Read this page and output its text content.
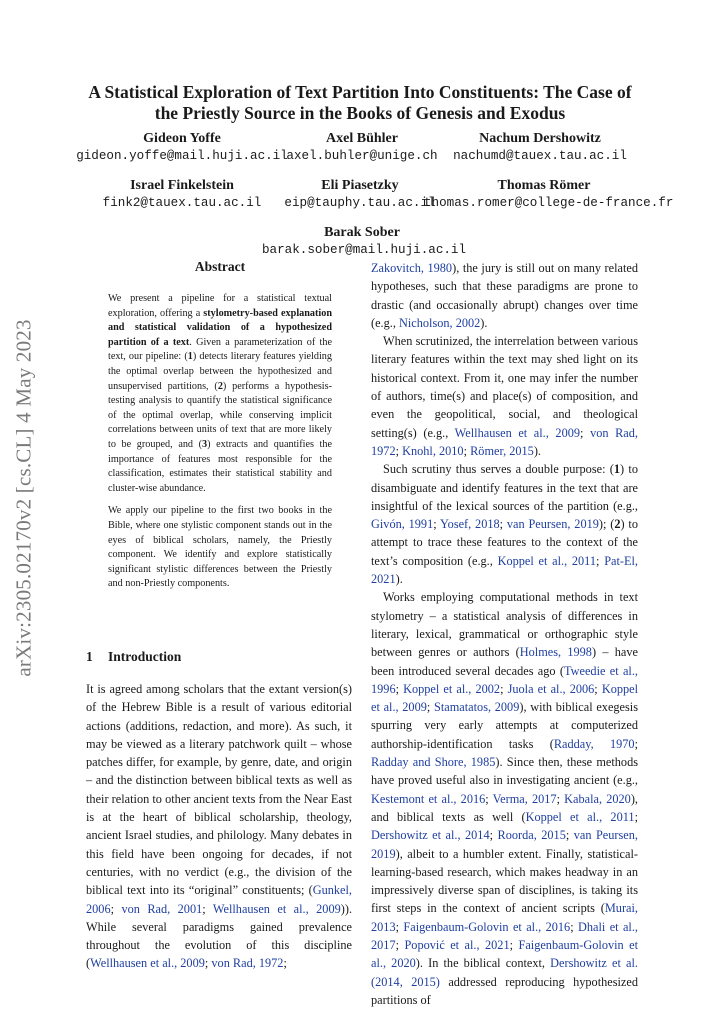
arXiv:2305.02170v2 [cs.CL] 4 May 2023
A Statistical Exploration of Text Partition Into Constituents: The Case of
the Priestly Source in the Books of Genesis and Exodus
Gideon Yoffe
gideon.yoffe@mail.huji.ac.il
Axel Bühler
axel.buhler@unige.ch
Nachum Dershowitz
nachumd@tauex.tau.ac.il
Israel Finkelstein
fink2@tauex.tau.ac.il
Eli Piasetzky
eip@tauphy.tau.ac.il
Thomas Römer
thomas.romer@college-de-france.fr
Barak Sober
barak.sober@mail.huji.ac.il
Abstract

We present a pipeline for a statistical textual exploration, offering a stylometry-based explanation and statistical validation of a hypothesized partition of a text. Given a parameterization of the text, our pipeline: (1) detects literary features yielding the optimal overlap between the hypothesized and unsupervised partitions, (2) performs a hypothesis-testing analysis to quantify the statistical significance of the optimal overlap, while conserving implicit correlations between units of text that are more likely to be grouped, and (3) extracts and quantifies the importance of features most responsible for the classification, estimates their statistical stability and cluster-wise abundance.

We apply our pipeline to the first two books in the Bible, where one stylistic component stands out in the eyes of biblical scholars, namely, the Priestly component. We identify and explore statistically significant stylistic differences between the Priestly and non-Priestly components.

1 Introduction

It is agreed among scholars that the extant version(s) of the Hebrew Bible is a result of various editorial actions (additions, redaction, and more). As such, it may be viewed as a literary patchwork quilt – whose patches differ, for example, by genre, date, and origin – and the distinction between biblical texts as well as their relation to other ancient texts from the Near East is at the heart of biblical scholarship, theology, ancient Israel studies, and philology. Many debates in this field have been ongoing for decades, if not centuries, with no verdict (e.g., the division of the biblical text into its “original” constituents; (Gunkel, 2006; von Rad, 2001; Wellhausen et al., 2009)). While several paradigms gained prevalence throughout the evolution of this discipline (Wellhausen et al., 2009; von Rad, 1972;

Zakovitch, 1980), the jury is still out on many related hypotheses, such that these paradigms are prone to drastic (and occasionally abrupt) changes over time (e.g., Nicholson, 2002).

When scrutinized, the interrelation between various literary features within the text may shed light on its historical context. From it, one may infer the number of authors, time(s) and place(s) of composition, and even the geopolitical, social, and theological setting(s) (e.g., Wellhausen et al., 2009; von Rad, 1972; Knohl, 2010; Römer, 2015).

Such scrutiny thus serves a double purpose: (1) to disambiguate and identify features in the text that are insightful of the lexical sources of the partition (e.g., Givón, 1991; Yosef, 2018; van Peursen, 2019); (2) to attempt to trace these features to the context of the text’s composition (e.g., Koppel et al., 2011; Pat-El, 2021).

Works employing computational methods in text stylometry – a statistical analysis of differences in literary, lexical, grammatical or orthographic style between genres or authors (Holmes, 1998) – have been introduced several decades ago (Tweedie et al., 1996; Koppel et al., 2002; Juola et al., 2006; Koppel et al., 2009; Stamatatos, 2009), with biblical exegesis spurring very early attempts at computerized authorship-identification tasks (Radday, 1970; Radday and Shore, 1985). Since then, these methods have proved useful also in investigating ancient (e.g., Kestemont et al., 2016; Verma, 2017; Kabala, 2020), and biblical texts as well (Koppel et al., 2011; Dershowitz et al., 2014; Roorda, 2015; van Peursen, 2019), albeit to a humbler extent. Finally, statistical-learning-based research, which makes headway in an impressively diverse span of disciplines, is taking its first steps in the context of ancient scripts (Murai, 2013; Faigenbaum-Golovin et al., 2016; Dhali et al., 2017; Popović et al., 2021; Faigenbaum-Golovin et al., 2020). In the biblical context, Dershowitz et al. (2014, 2015) addressed reproducing hypothesized partitions of
